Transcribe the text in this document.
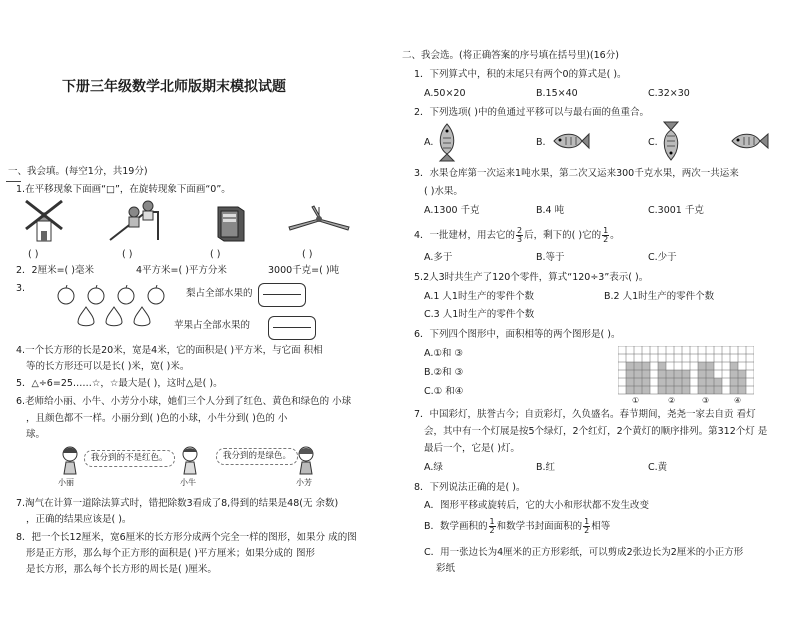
下册三年级数学北师版期末模拟试题
一、我会填。(每空1分，共19分)
1.在平移现象下面画“□”，在旋转现象下面画“0”。
( )	( )	( )	( )
2．2厘米=( )毫米	4平方米=( )平方分米	3000千克=( )吨
3.	梨占全部水果的
苹果占全部水果的
4.一个长方形的长是20米，宽是4米，它的面积是( )平方米，与它面 积相
等的长方形还可以是长( )米，宽( )米。
5．△÷6=25……☆，☆最大是( )，这时△是( )。
6.老师给小丽、小牛、小芳分小球，她们三个人分到了红色、黄色和绿色的 小球
，且颜色都不一样。小丽分到( )色的小球，小牛分到( )色的 小
球。
我分到的不是红色。	我分到的是绿色。
小丽	小牛	小芳
7.淘气在计算一道除法算式时，错把除数3看成了8,得到的结果是48(无 余数)
，正确的结果应该是( )。
8．把一个长12厘米，宽6厘米的长方形分成两个完全一样的图形，如果分 成的图
形是正方形，那么每个正方形的面积是( )平方厘米；如果分成的 图形
是长方形，那么每个长方形的周长是( )厘米。
二、我会选。(将正确答案的序号填在括号里)(16分)
1．下列算式中，积的末尾只有两个0的算式是( )。
A.50×20	B.15×40	C.32×30
2．下列选项( )中的鱼通过平移可以与最右面的鱼重合。
A.	B.	C.
3．水果仓库第一次运来1吨水果，第二次又运来300千克水果，两次一共运来
( )水果。
A.1300 千克	B.4 吨	C.3001 千克
4．一批建材，用去它的 $\frac{2}{3}$ 后，剩下的( )它的 $\frac{1}{2}$ 。
A.多于	B.等于	C.少于
5.2人3时共生产了120个零件，算式“120÷3”表示( )。
A.1 人1时生产的零件个数	B.2 人1时生产的零件个数
C.3 人1时生产的零件个数
6．下列四个图形中，面积相等的两个图形是( )。
A.①和 ③
B.②和 ③
C.① 和④
①	②	③	④
7．中国彩灯，肤誉古今；自贡彩灯，久负盛名。春节期间，尧尧一家去自贡 看灯
会，其中有一个灯展是按5个绿灯，2个红灯，2个黄灯的顺序排列。第312个灯 是
最后一个，它是( )灯。
A.绿	B.红	C.黄
8．下列说法正确的是( )。
A．图形平移或旋转后，它的大小和形状都不发生改变
B．数学画积的 $\frac{1}{2}$ 和数学书封面面积的 $\frac{1}{2}$ 相等
C．用一张边长为4厘米的正方形彩纸，可以剪成2张边长为2厘米的小正方形
彩纸
